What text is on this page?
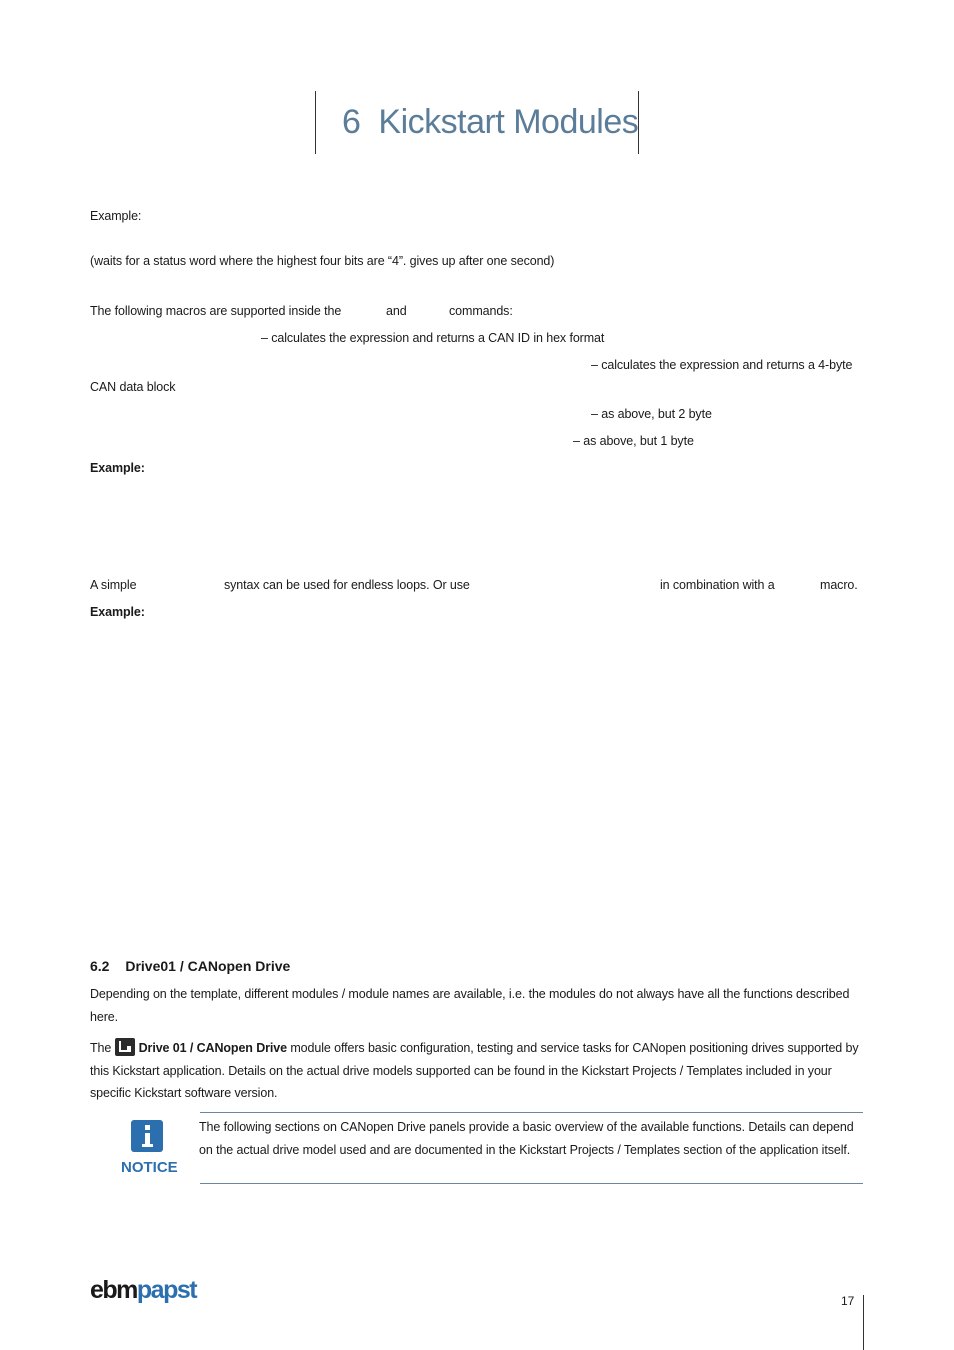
6 Kickstart Modules
Example:
(waits for a status word where the highest four bits are “4”. gives up after one second)
The following macros are supported inside the	and	commands:
– calculates the expression and returns a CAN ID in hex format
– calculates the expression and returns a 4-byte
CAN data block
– as above, but 2 byte
– as above, but 1 byte
Example:
A simple	syntax can be used for endless loops. Or use	in combination with a	macro.
Example:
6.2 Drive01 / CANopen Drive
Depending on the template, different modules / module names are available, i.e. the modules do not always have all the functions described here.
The Drive 01 / CANopen Drive module offers basic configuration, testing and service tasks for CANopen positioning drives supported by this Kickstart application. Details on the actual drive models supported can be found in the Kickstart Projects / Templates included in your specific Kickstart software version.
NOTICE
The following sections on CANopen Drive panels provide a basic overview of the available functions. Details can depend on the actual drive model used and are documented in the Kickstart Projects / Templates section of the application itself.
ebmpapst	17
